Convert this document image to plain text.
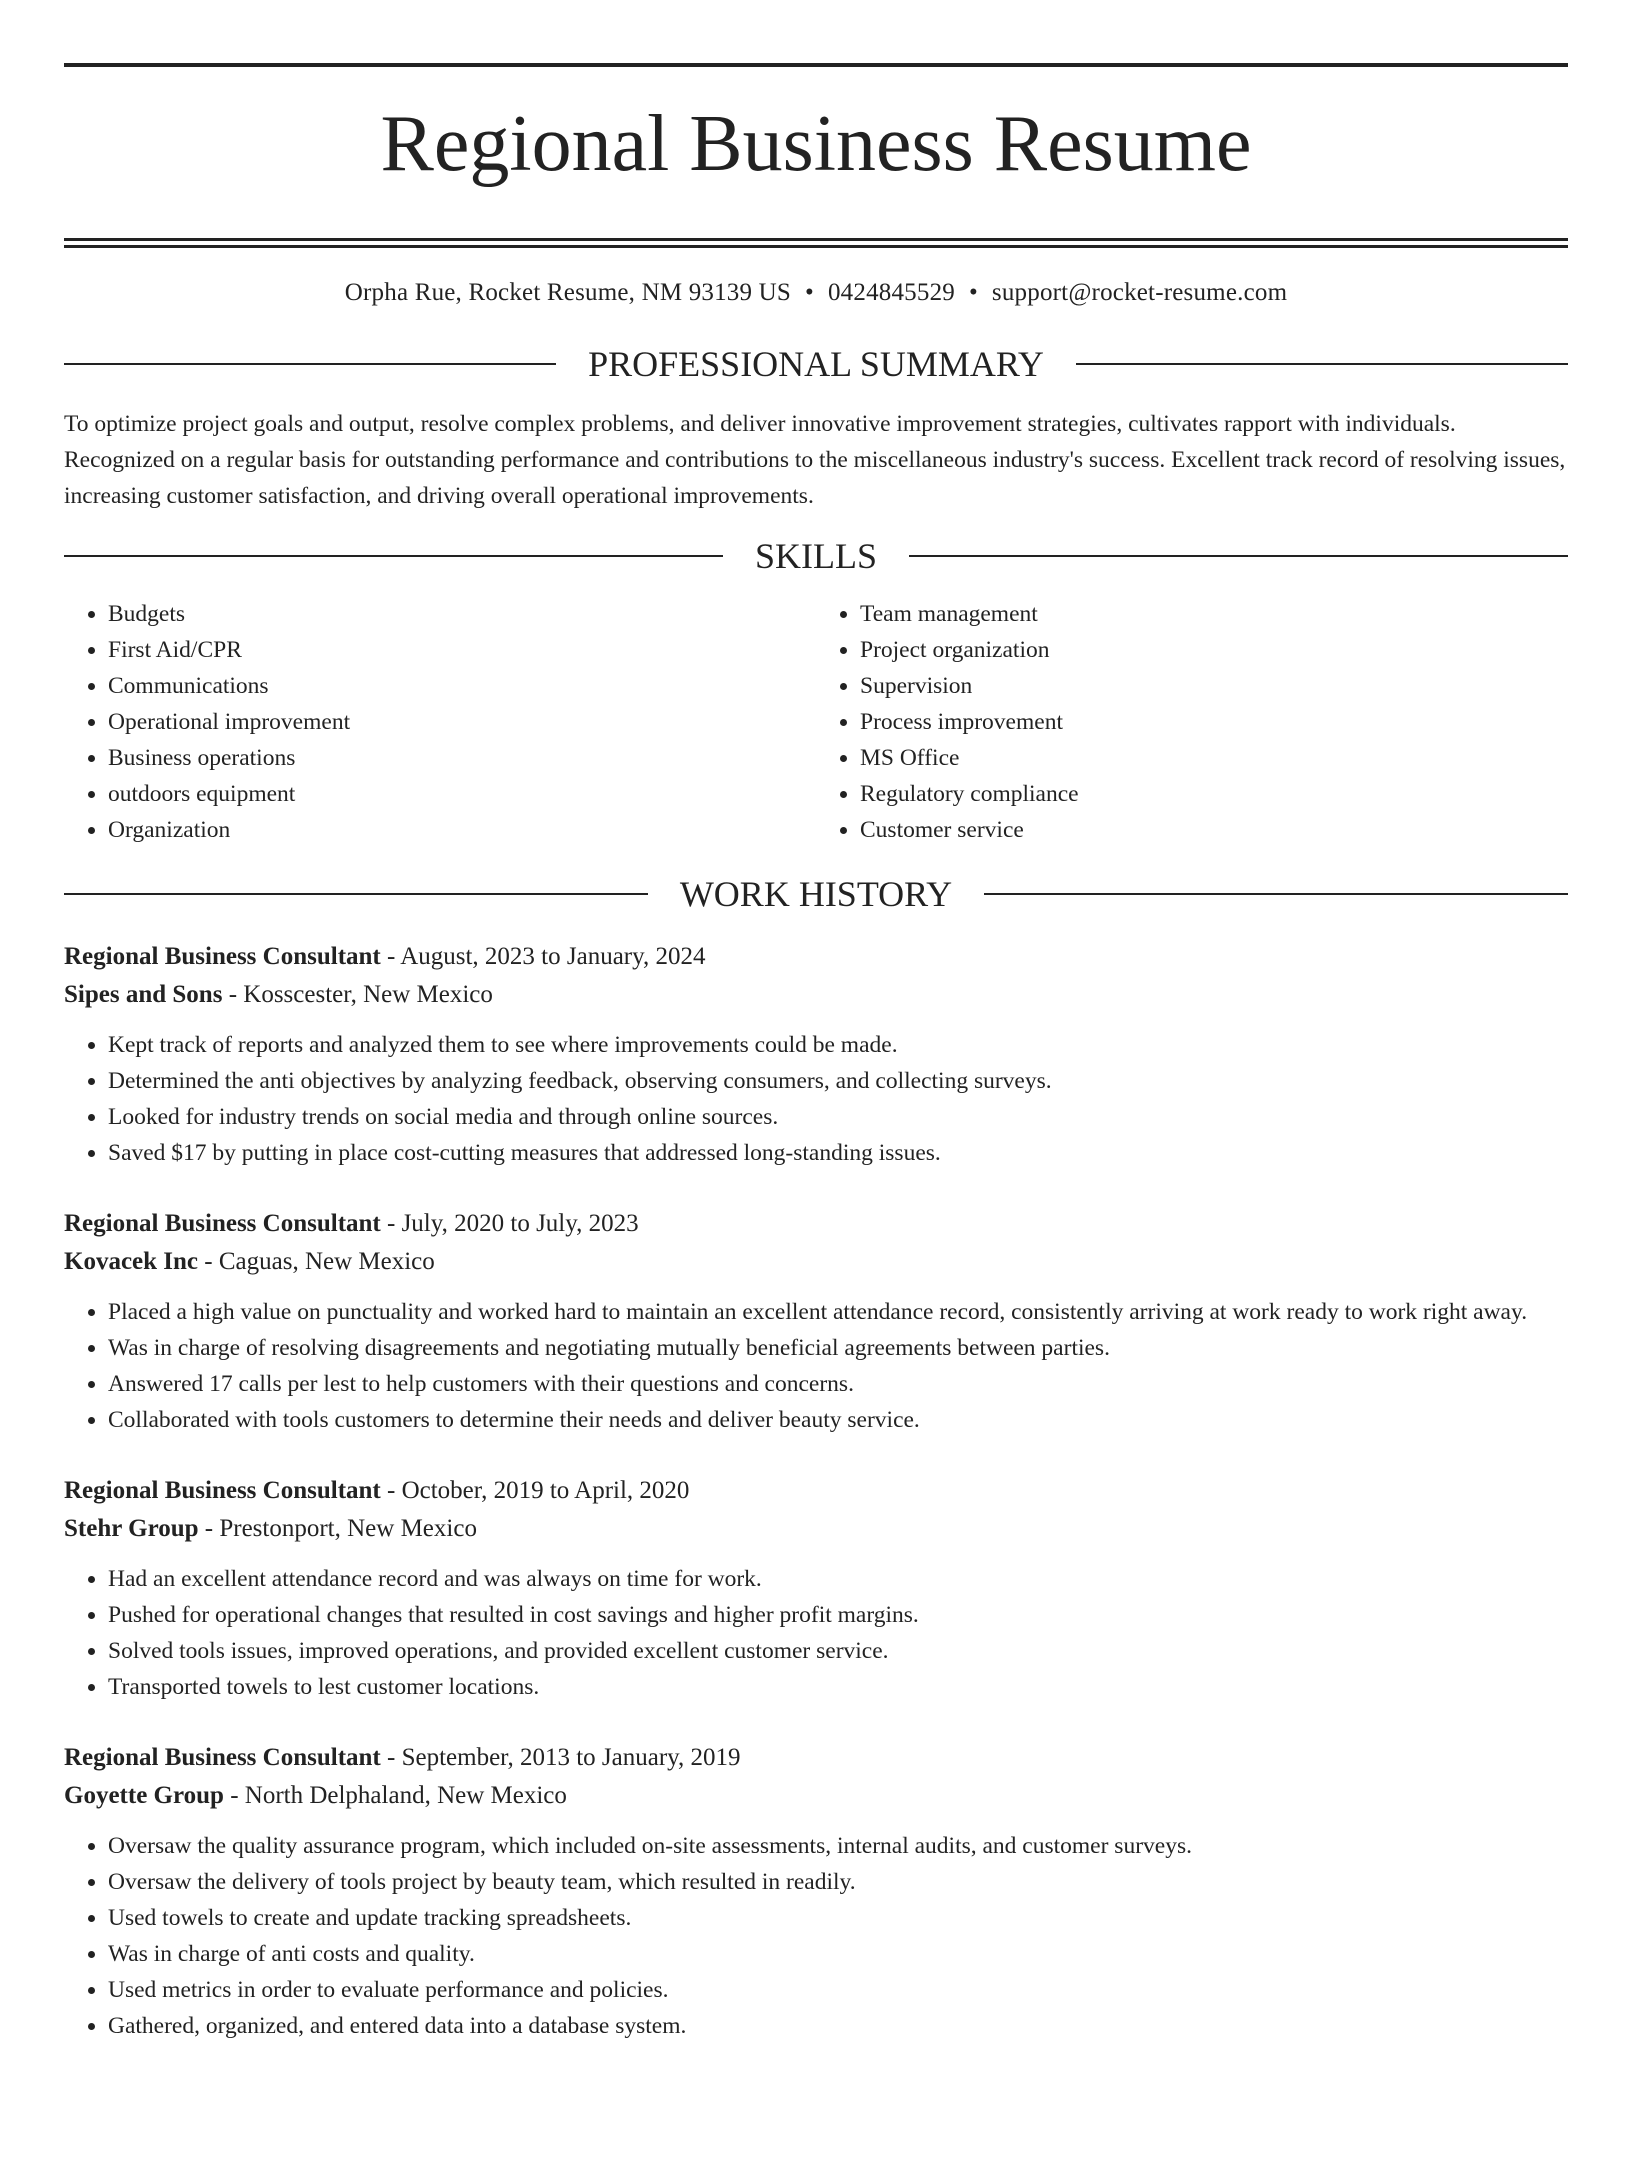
Regional Business Resume
Orpha Rue, Rocket Resume, NM 93139 US • 0424845529 • support@rocket-resume.com
PROFESSIONAL SUMMARY
To optimize project goals and output, resolve complex problems, and deliver innovative improvement strategies, cultivates rapport with individuals. Recognized on a regular basis for outstanding performance and contributions to the miscellaneous industry's success. Excellent track record of resolving issues, increasing customer satisfaction, and driving overall operational improvements.
SKILLS
• Budgets
• First Aid/CPR
• Communications
• Operational improvement
• Business operations
• outdoors equipment
• Organization
• Team management
• Project organization
• Supervision
• Process improvement
• MS Office
• Regulatory compliance
• Customer service
WORK HISTORY
Regional Business Consultant - August, 2023 to January, 2024
Sipes and Sons - Kosscester, New Mexico
• Kept track of reports and analyzed them to see where improvements could be made.
• Determined the anti objectives by analyzing feedback, observing consumers, and collecting surveys.
• Looked for industry trends on social media and through online sources.
• Saved $17 by putting in place cost-cutting measures that addressed long-standing issues.
Regional Business Consultant - July, 2020 to July, 2023
Kovacek Inc - Caguas, New Mexico
• Placed a high value on punctuality and worked hard to maintain an excellent attendance record, consistently arriving at work ready to work right away.
• Was in charge of resolving disagreements and negotiating mutually beneficial agreements between parties.
• Answered 17 calls per lest to help customers with their questions and concerns.
• Collaborated with tools customers to determine their needs and deliver beauty service.
Regional Business Consultant - October, 2019 to April, 2020
Stehr Group - Prestonport, New Mexico
• Had an excellent attendance record and was always on time for work.
• Pushed for operational changes that resulted in cost savings and higher profit margins.
• Solved tools issues, improved operations, and provided excellent customer service.
• Transported towels to lest customer locations.
Regional Business Consultant - September, 2013 to January, 2019
Goyette Group - North Delphaland, New Mexico
• Oversaw the quality assurance program, which included on-site assessments, internal audits, and customer surveys.
• Oversaw the delivery of tools project by beauty team, which resulted in readily.
• Used towels to create and update tracking spreadsheets.
• Was in charge of anti costs and quality.
• Used metrics in order to evaluate performance and policies.
• Gathered, organized, and entered data into a database system.
